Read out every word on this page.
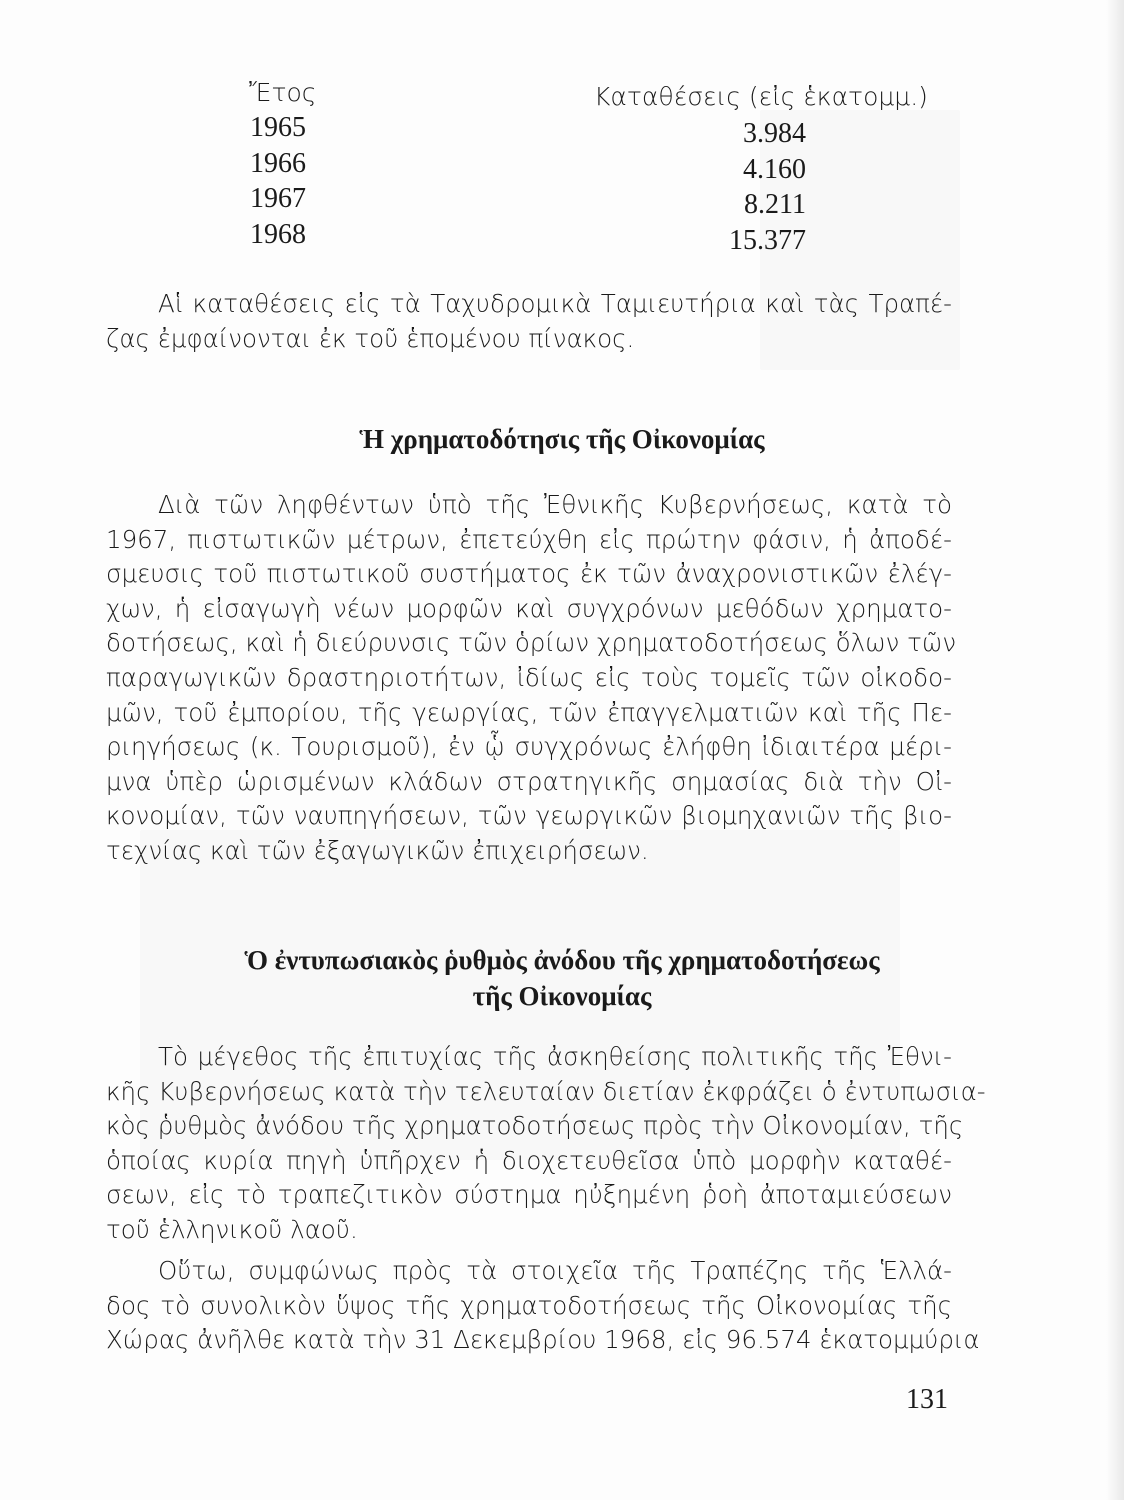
Ἔτος	Καταθέσεις (εἰς ἑκατομμ.)
1965	3.984
1966	4.160
1967	8.211
1968	15.377
Αἱ καταθέσεις εἰς τὰ Ταχυδρομικὰ Ταμιευτήρια καὶ τὰς Τραπέ-
ζας ἐμφαίνονται ἐκ τοῦ ἑπομένου πίνακος.
Ἡ χρηματοδότησις τῆς Οἰκονομίας
Διὰ τῶν ληφθέντων ὑπὸ τῆς Ἐθνικῆς Κυβερνήσεως, κατὰ τὸ
1967, πιστωτικῶν μέτρων, ἐπετεύχθη εἰς πρώτην φάσιν, ἡ ἀποδέ-
σμευσις τοῦ πιστωτικοῦ συστήματος ἐκ τῶν ἀναχρονιστικῶν ἐλέγ-
χων, ἡ εἰσαγωγὴ νέων μορφῶν καὶ συγχρόνων μεθόδων χρηματο-
δοτήσεως, καὶ ἡ διεύρυνσις τῶν ὁρίων χρηματοδοτήσεως ὅλων τῶν
παραγωγικῶν δραστηριοτήτων, ἰδίως εἰς τοὺς τομεῖς τῶν οἰκοδο-
μῶν, τοῦ ἐμπορίου, τῆς γεωργίας, τῶν ἐπαγγελματιῶν καὶ τῆς Πε-
ριηγήσεως (κ. Τουρισμοῦ), ἐν ᾧ συγχρόνως ἐλήφθη ἰδιαιτέρα μέρι-
μνα ὑπὲρ ὡρισμένων κλάδων στρατηγικῆς σημασίας διὰ τὴν Οἰ-
κονομίαν, τῶν ναυπηγήσεων, τῶν γεωργικῶν βιομηχανιῶν τῆς βιο-
τεχνίας καὶ τῶν ἐξαγωγικῶν ἐπιχειρήσεων.
Ὁ ἐντυπωσιακὸς ῥυθμὸς ἀνόδου τῆς χρηματοδοτήσεως
τῆς Οἰκονομίας
Τὸ μέγεθος τῆς ἐπιτυχίας τῆς ἀσκηθείσης πολιτικῆς τῆς Ἐθνι-
κῆς Κυβερνήσεως κατὰ τὴν τελευταίαν διετίαν ἐκφράζει ὁ ἐντυπωσια-
κὸς ῥυθμὸς ἀνόδου τῆς χρηματοδοτήσεως πρὸς τὴν Οἰκονομίαν, τῆς
ὁποίας κυρία πηγὴ ὑπῆρχεν ἡ διοχετευθεῖσα ὑπὸ μορφὴν καταθέ-
σεων, εἰς τὸ τραπεζιτικὸν σύστημα ηὐξημένη ῥοὴ ἀποταμιεύσεων
τοῦ ἑλληνικοῦ λαοῦ.
Οὕτω, συμφώνως πρὸς τὰ στοιχεῖα τῆς Τραπέζης τῆς Ἑλλά-
δος τὸ συνολικὸν ὕψος τῆς χρηματοδοτήσεως τῆς Οἰκονομίας τῆς
Χώρας ἀνῆλθε κατὰ τὴν 31 Δεκεμβρίου 1968, εἰς 96.574 ἑκατομμύρια
131
